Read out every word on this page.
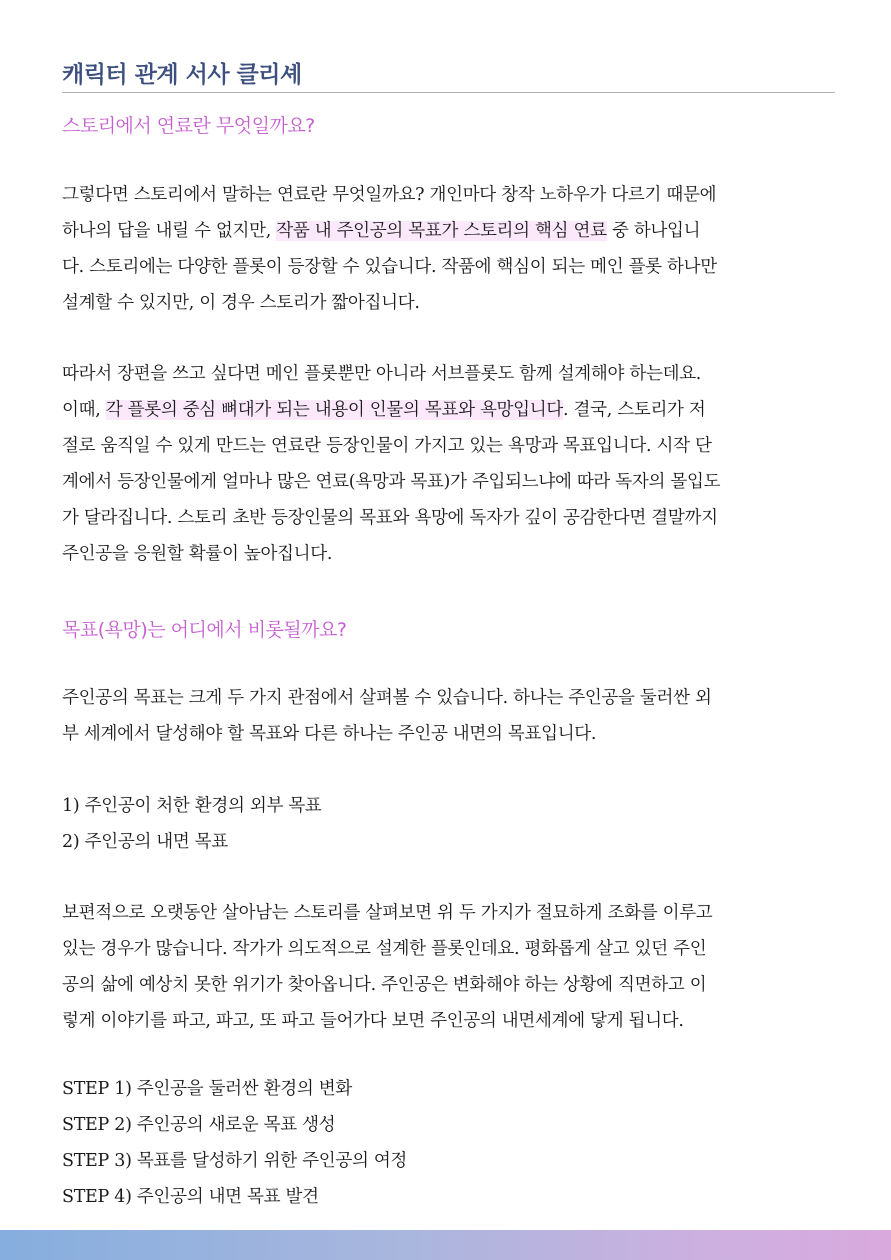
캐릭터 관계 서사 클리셰
스토리에서 연료란 무엇일까요?
그렇다면 스토리에서 말하는 연료란 무엇일까요? 개인마다 창작 노하우가 다르기 때문에
하나의 답을 내릴 수 없지만, 작품 내 주인공의 목표가 스토리의 핵심 연료 중 하나입니
다. 스토리에는 다양한 플롯이 등장할 수 있습니다. 작품에 핵심이 되는 메인 플롯 하나만
설계할 수 있지만, 이 경우 스토리가 짧아집니다.
따라서 장편을 쓰고 싶다면 메인 플롯뿐만 아니라 서브플롯도 함께 설계해야 하는데요.
이때, 각 플롯의 중심 뼈대가 되는 내용이 인물의 목표와 욕망입니다. 결국, 스토리가 저
절로 움직일 수 있게 만드는 연료란 등장인물이 가지고 있는 욕망과 목표입니다. 시작 단
계에서 등장인물에게 얼마나 많은 연료(욕망과 목표)가 주입되느냐에 따라 독자의 몰입도
가 달라집니다. 스토리 초반 등장인물의 목표와 욕망에 독자가 깊이 공감한다면 결말까지
주인공을 응원할 확률이 높아집니다.
목표(욕망)는 어디에서 비롯될까요?
주인공의 목표는 크게 두 가지 관점에서 살펴볼 수 있습니다. 하나는 주인공을 둘러싼 외
부 세계에서 달성해야 할 목표와 다른 하나는 주인공 내면의 목표입니다.
1) 주인공이 처한 환경의 외부 목표
2) 주인공의 내면 목표
보편적으로 오랫동안 살아남는 스토리를 살펴보면 위 두 가지가 절묘하게 조화를 이루고
있는 경우가 많습니다. 작가가 의도적으로 설계한 플롯인데요. 평화롭게 살고 있던 주인
공의 삶에 예상치 못한 위기가 찾아옵니다. 주인공은 변화해야 하는 상황에 직면하고 이
렇게 이야기를 파고, 파고, 또 파고 들어가다 보면 주인공의 내면세계에 닿게 됩니다.
STEP 1) 주인공을 둘러싼 환경의 변화
STEP 2) 주인공의 새로운 목표 생성
STEP 3) 목표를 달성하기 위한 주인공의 여정
STEP 4) 주인공의 내면 목표 발견
